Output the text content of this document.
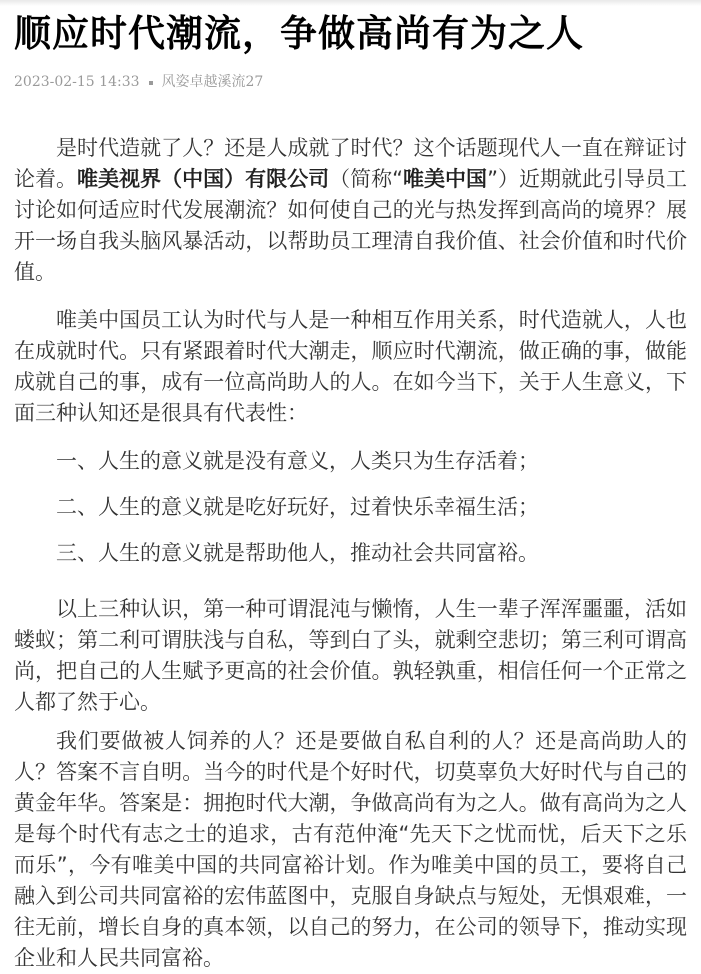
顺应时代潮流，争做高尚有为之人
2023-02-15 14:33 风姿卓越溪流27

是时代造就了人？还是人成就了时代？这个话题现代人一直在辩证讨论着。唯美视界（中国）有限公司（简称“唯美中国”）近期就此引导员工讨论如何适应时代发展潮流？如何使自己的光与热发挥到高尚的境界？展开一场自我头脑风暴活动，以帮助员工理清自我价值、社会价值和时代价值。

唯美中国员工认为时代与人是一种相互作用关系，时代造就人，人也在成就时代。只有紧跟着时代大潮走，顺应时代潮流，做正确的事，做能成就自己的事，成有一位高尚助人的人。在如今当下，关于人生意义，下面三种认知还是很具有代表性：

一、人生的意义就是没有意义，人类只为生存活着；

二、人生的意义就是吃好玩好，过着快乐幸福生活；

三、人生的意义就是帮助他人，推动社会共同富裕。

以上三种认识，第一种可谓混沌与懒惰，人生一辈子浑浑噩噩，活如蝼蚁；第二利可谓肤浅与自私，等到白了头，就剩空悲切；第三利可谓高尚，把自己的人生赋予更高的社会价值。孰轻孰重，相信任何一个正常之人都了然于心。

我们要做被人饲养的人？还是要做自私自利的人？还是高尚助人的人？答案不言自明。当今的时代是个好时代，切莫辜负大好时代与自己的黄金年华。答案是：拥抱时代大潮，争做高尚有为之人。做有高尚为之人是每个时代有志之士的追求，古有范仲淹“先天下之忧而忧，后天下之乐而乐”，今有唯美中国的共同富裕计划。作为唯美中国的员工，要将自己融入到公司共同富裕的宏伟蓝图中，克服自身缺点与短处，无惧艰难，一往无前，增长自身的真本领，以自己的努力，在公司的领导下，推动实现企业和人民共同富裕。
